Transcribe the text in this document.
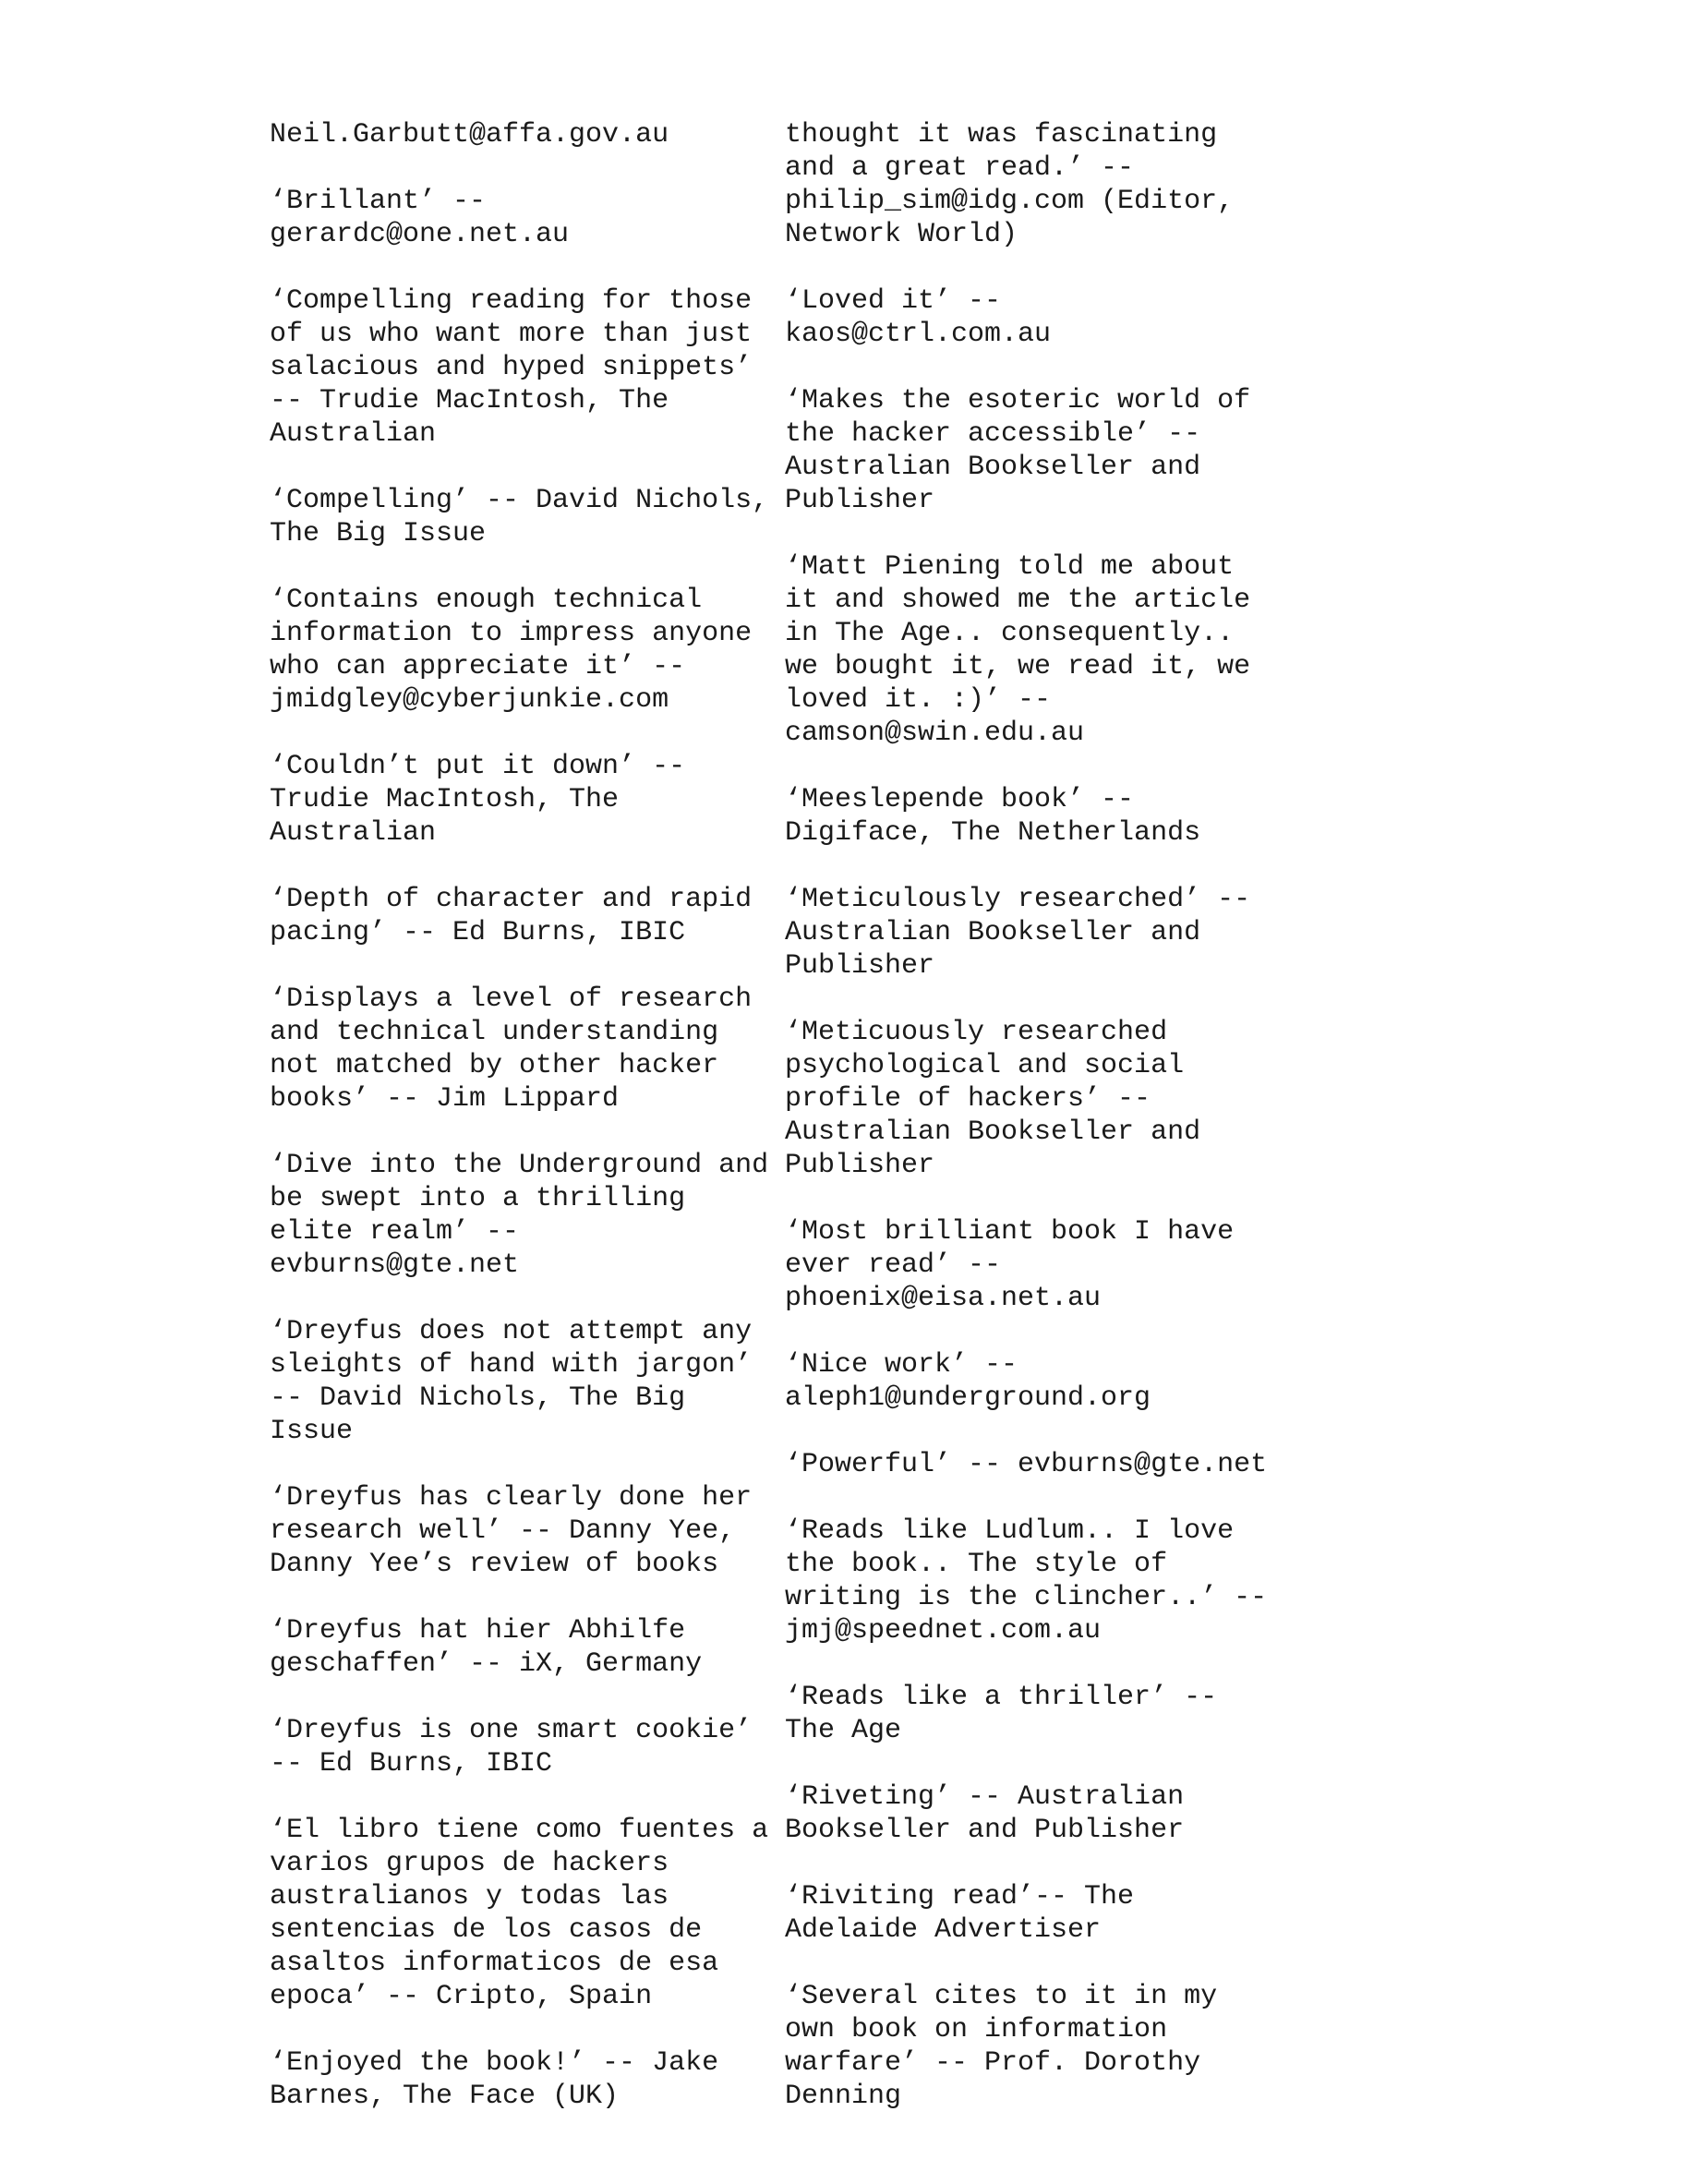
Neil.Garbutt@affa.gov.au
‘Brillant’ --
gerardc@one.net.au
‘Compelling reading for those
of us who want more than just
salacious and hyped snippets’
-- Trudie MacIntosh, The
Australian
‘Compelling’ -- David Nichols,
The Big Issue
‘Contains enough technical
information to impress anyone
who can appreciate it’ --
jmidgley@cyberjunkie.com
‘Couldn’t put it down’ --
Trudie MacIntosh, The
Australian
‘Depth of character and rapid
pacing’ -- Ed Burns, IBIC
‘Displays a level of research
and technical understanding
not matched by other hacker
books’ -- Jim Lippard
‘Dive into the Underground and
be swept into a thrilling
elite realm’ --
evburns@gte.net
‘Dreyfus does not attempt any
sleights of hand with jargon’
-- David Nichols, The Big
Issue
‘Dreyfus has clearly done her
research well’ -- Danny Yee,
Danny Yee’s review of books
‘Dreyfus hat hier Abhilfe
geschaffen’ -- iX, Germany
‘Dreyfus is one smart cookie’
-- Ed Burns, IBIC
‘El libro tiene como fuentes a
varios grupos de hackers
australianos y todas las
sentencias de los casos de
asaltos informaticos de esa
epoca’ -- Cripto, Spain
‘Enjoyed the book!’ -- Jake
Barnes, The Face (UK)
thought it was fascinating
and a great read.’ --
philip_sim@idg.com (Editor,
Network World)
‘Loved it’ --
kaos@ctrl.com.au
‘Makes the esoteric world of
the hacker accessible’ --
Australian Bookseller and
Publisher
‘Matt Piening told me about
it and showed me the article
in The Age.. consequently..
we bought it, we read it, we
loved it. :)’ --
camson@swin.edu.au
‘Meeslepende book’ --
Digiface, The Netherlands
‘Meticulously researched’ --
Australian Bookseller and
Publisher
‘Meticuously researched
psychological and social
profile of hackers’ --
Australian Bookseller and
Publisher
‘Most brilliant book I have
ever read’ --
phoenix@eisa.net.au
‘Nice work’ --
aleph1@underground.org
‘Powerful’ -- evburns@gte.net
‘Reads like Ludlum.. I love
the book.. The style of
writing is the clincher..’ --
jmj@speednet.com.au
‘Reads like a thriller’ --
The Age
‘Riveting’ -- Australian
Bookseller and Publisher
‘Riviting read’-- The
Adelaide Advertiser
‘Several cites to it in my
own book on information
warfare’ -- Prof. Dorothy
Denning
